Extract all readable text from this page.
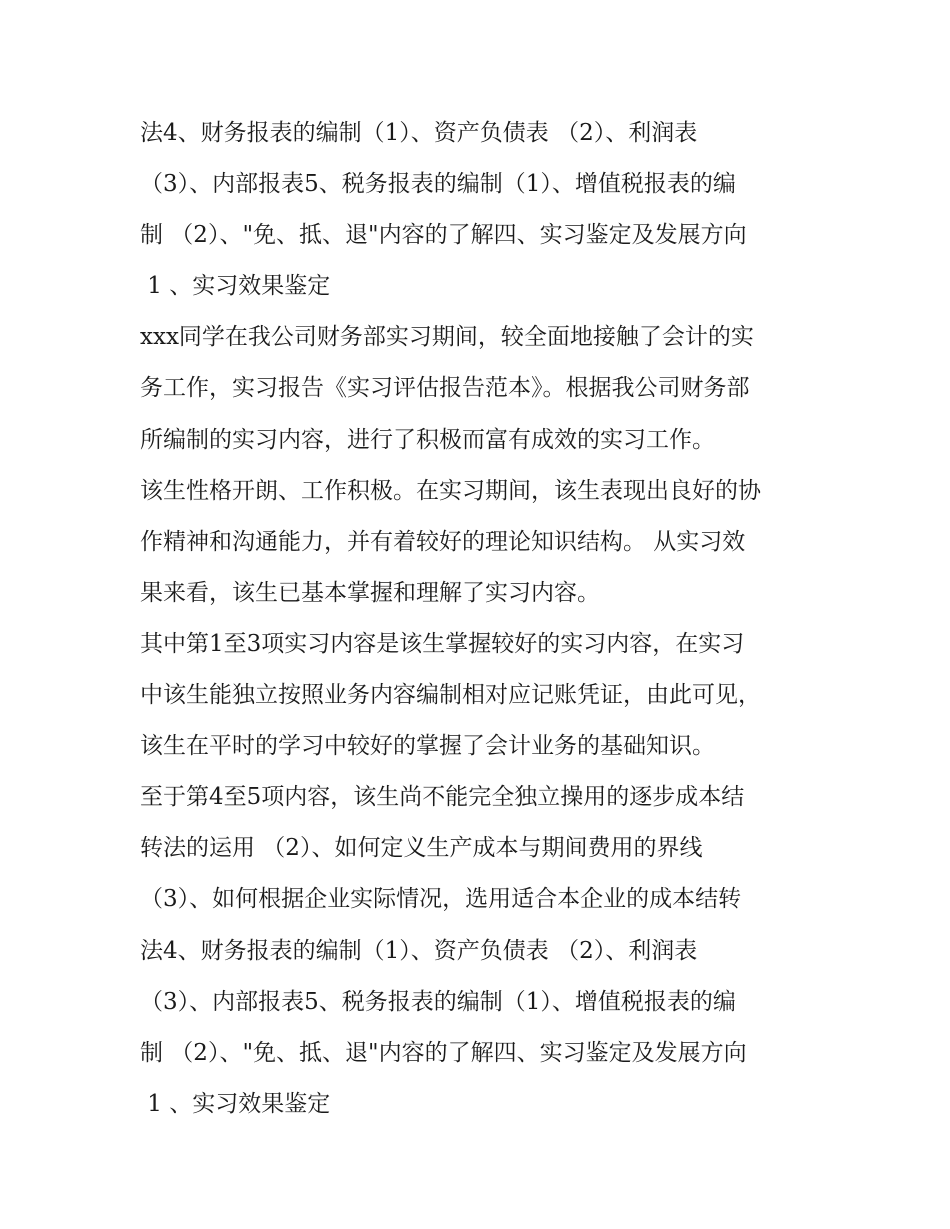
法4、财务报表的编制（1）、资产负债表 （2）、利润表
（3）、内部报表5、税务报表的编制（1）、增值税报表的编
制 （2）、"免、抵、退"内容的了解四、实习鉴定及发展方向
1 、实习效果鉴定
xxx同学在我公司财务部实习期间，较全面地接触了会计的实
务工作，实习报告《实习评估报告范本》。根据我公司财务部
所编制的实习内容，进行了积极而富有成效的实习工作。
该生性格开朗、工作积极。在实习期间，该生表现出良好的协
作精神和沟通能力，并有着较好的理论知识结构。 从实习效
果来看，该生已基本掌握和理解了实习内容。
其中第1至3项实习内容是该生掌握较好的实习内容，在实习
中该生能独立按照业务内容编制相对应记账凭证，由此可见，
该生在平时的学习中较好的掌握了会计业务的基础知识。
至于第4至5项内容，该生尚不能完全独立操用的逐步成本结
转法的运用 （2）、如何定义生产成本与期间费用的界线
（3）、如何根据企业实际情况，选用适合本企业的成本结转
法4、财务报表的编制（1）、资产负债表 （2）、利润表
（3）、内部报表5、税务报表的编制（1）、增值税报表的编
制 （2）、"免、抵、退"内容的了解四、实习鉴定及发展方向
1 、实习效果鉴定
